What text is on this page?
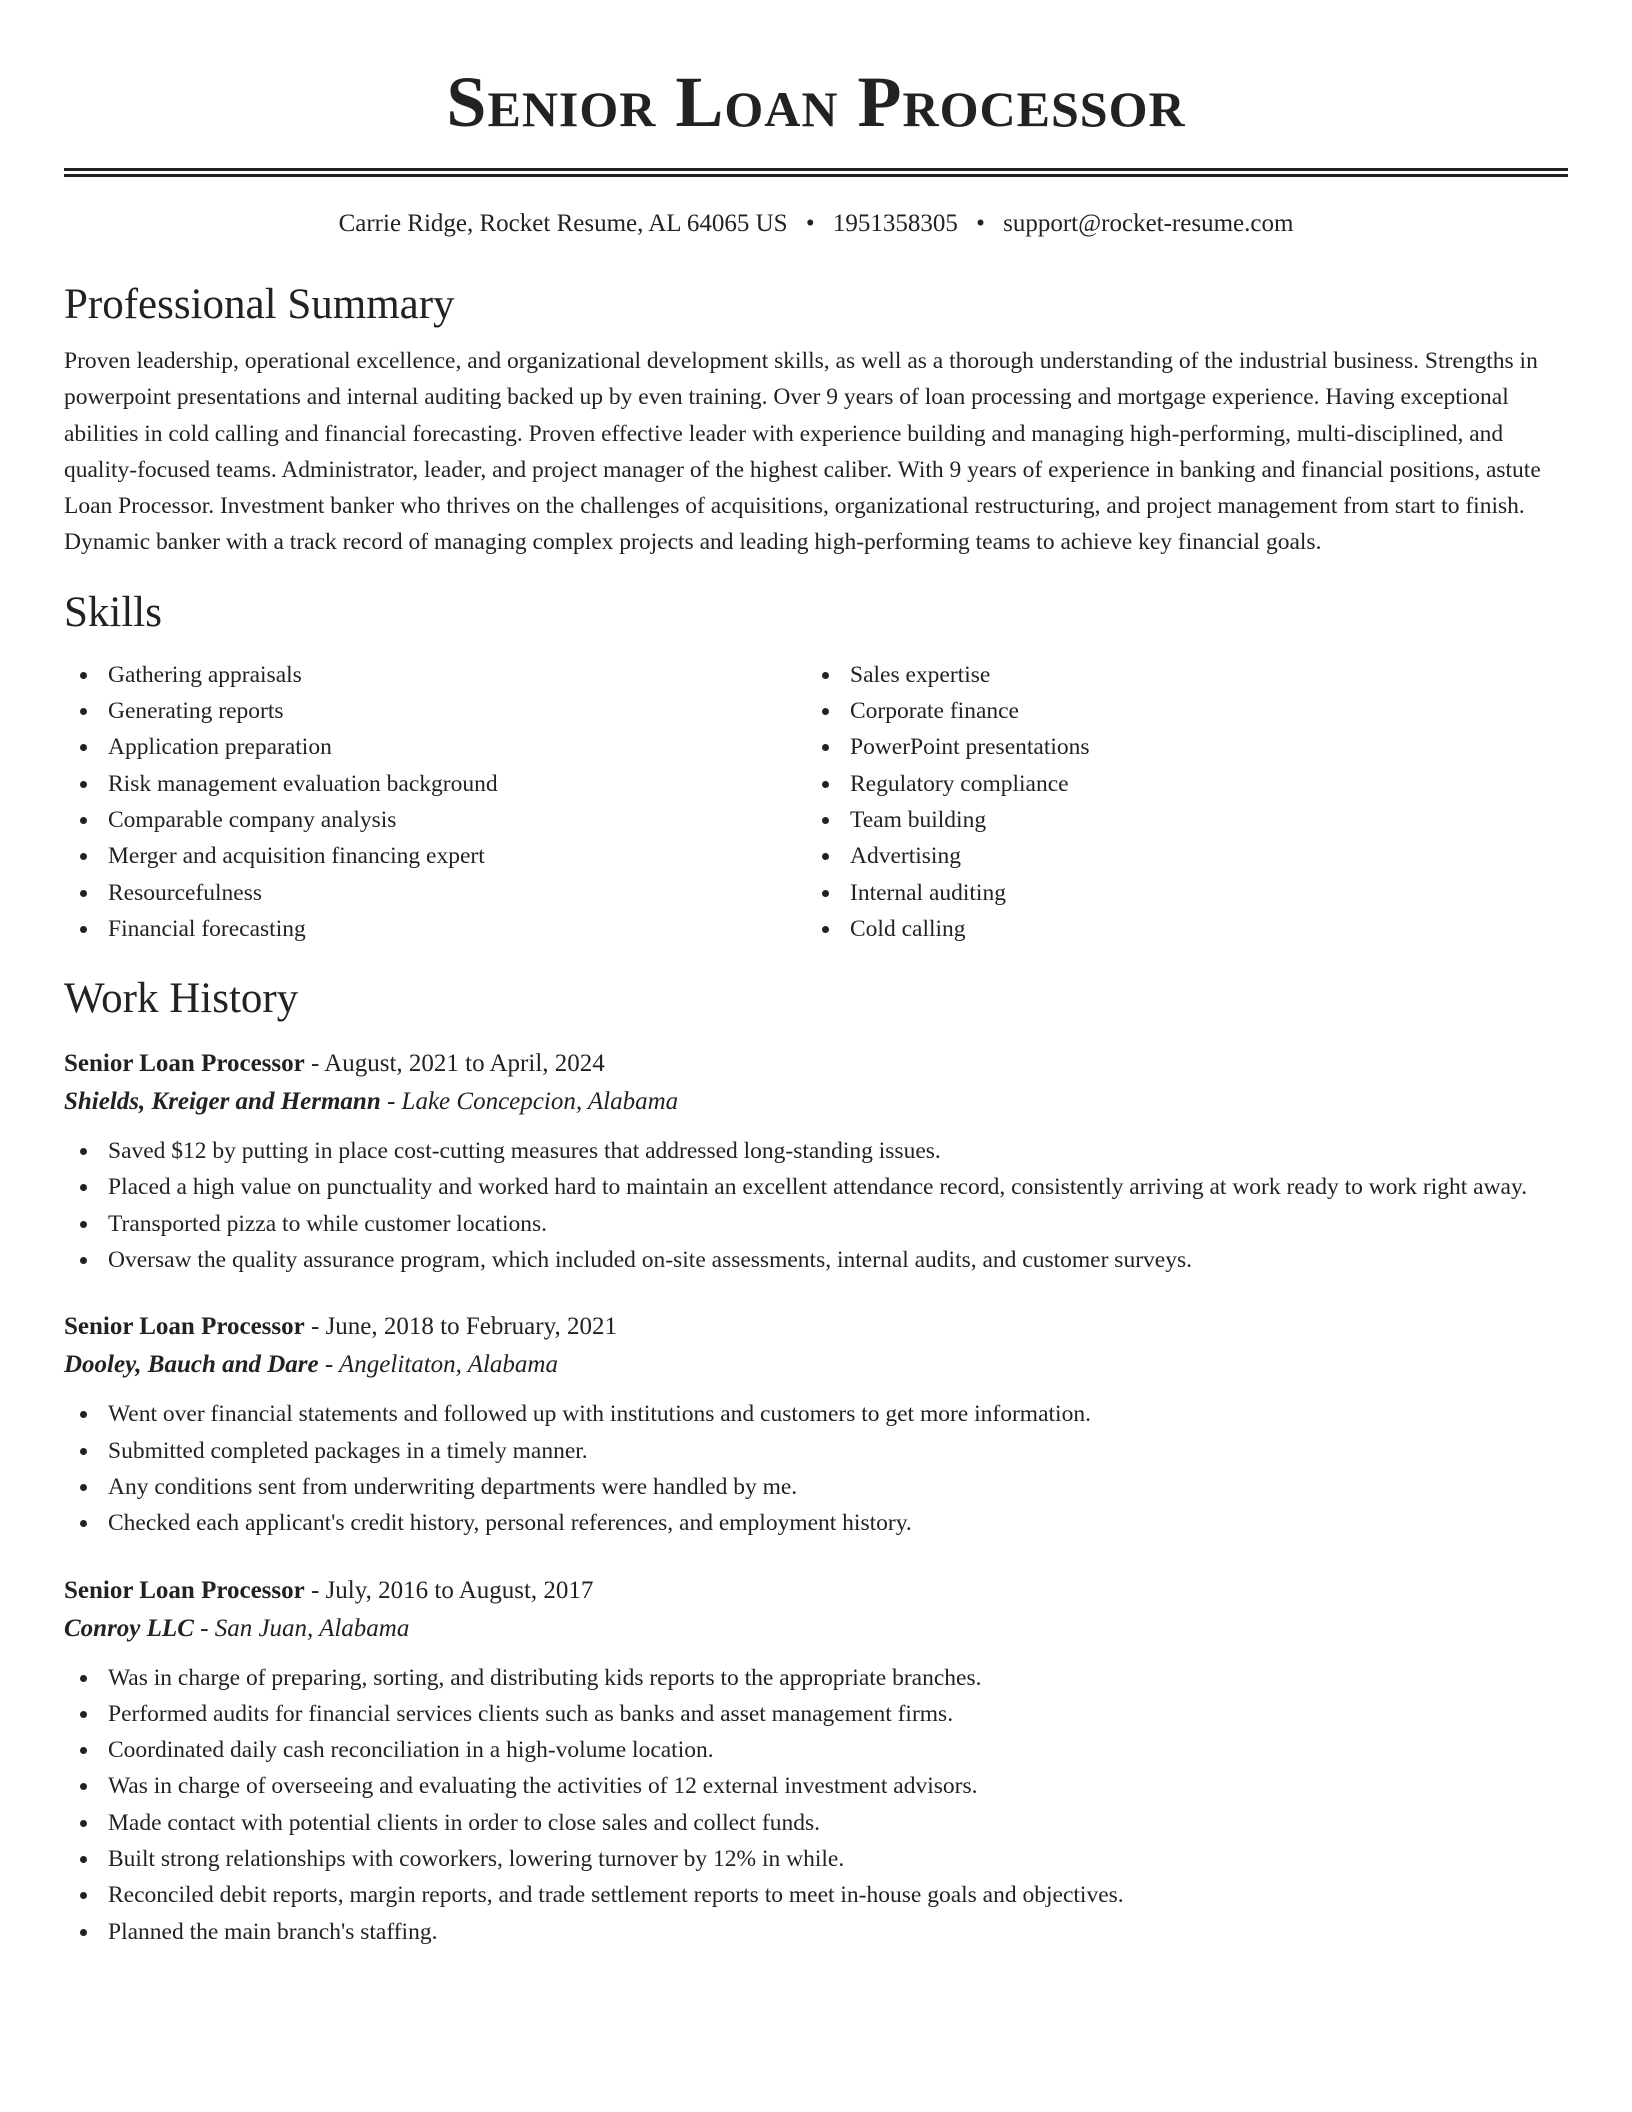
Senior Loan Processor
Carrie Ridge, Rocket Resume, AL 64065 US • 1951358305 • support@rocket-resume.com
Professional Summary

Proven leadership, operational excellence, and organizational development skills, as well as a thorough understanding of the industrial business. Strengths in powerpoint presentations and internal auditing backed up by even training. Over 9 years of loan processing and mortgage experience. Having exceptional abilities in cold calling and financial forecasting. Proven effective leader with experience building and managing high-performing, multi-disciplined, and quality-focused teams. Administrator, leader, and project manager of the highest caliber. With 9 years of experience in banking and financial positions, astute Loan Processor. Investment banker who thrives on the challenges of acquisitions, organizational restructuring, and project management from start to finish. Dynamic banker with a track record of managing complex projects and leading high-performing teams to achieve key financial goals.

Skills
Gathering appraisals
Generating reports
Application preparation
Risk management evaluation background
Comparable company analysis
Merger and acquisition financing expert
Resourcefulness
Financial forecasting
Sales expertise
Corporate finance
PowerPoint presentations
Regulatory compliance
Team building
Advertising
Internal auditing
Cold calling
Work History
Senior Loan Processor - August, 2021 to April, 2024
Shields, Kreiger and Hermann - Lake Concepcion, Alabama
Saved $12 by putting in place cost-cutting measures that addressed long-standing issues.
Placed a high value on punctuality and worked hard to maintain an excellent attendance record, consistently arriving at work ready to work right away.
Transported pizza to while customer locations.
Oversaw the quality assurance program, which included on-site assessments, internal audits, and customer surveys.
Senior Loan Processor - June, 2018 to February, 2021
Dooley, Bauch and Dare - Angelitaton, Alabama
Went over financial statements and followed up with institutions and customers to get more information.
Submitted completed packages in a timely manner.
Any conditions sent from underwriting departments were handled by me.
Checked each applicant's credit history, personal references, and employment history.
Senior Loan Processor - July, 2016 to August, 2017
Conroy LLC - San Juan, Alabama
Was in charge of preparing, sorting, and distributing kids reports to the appropriate branches.
Performed audits for financial services clients such as banks and asset management firms.
Coordinated daily cash reconciliation in a high-volume location.
Was in charge of overseeing and evaluating the activities of 12 external investment advisors.
Made contact with potential clients in order to close sales and collect funds.
Built strong relationships with coworkers, lowering turnover by 12% in while.
Reconciled debit reports, margin reports, and trade settlement reports to meet in-house goals and objectives.
Planned the main branch's staffing.
